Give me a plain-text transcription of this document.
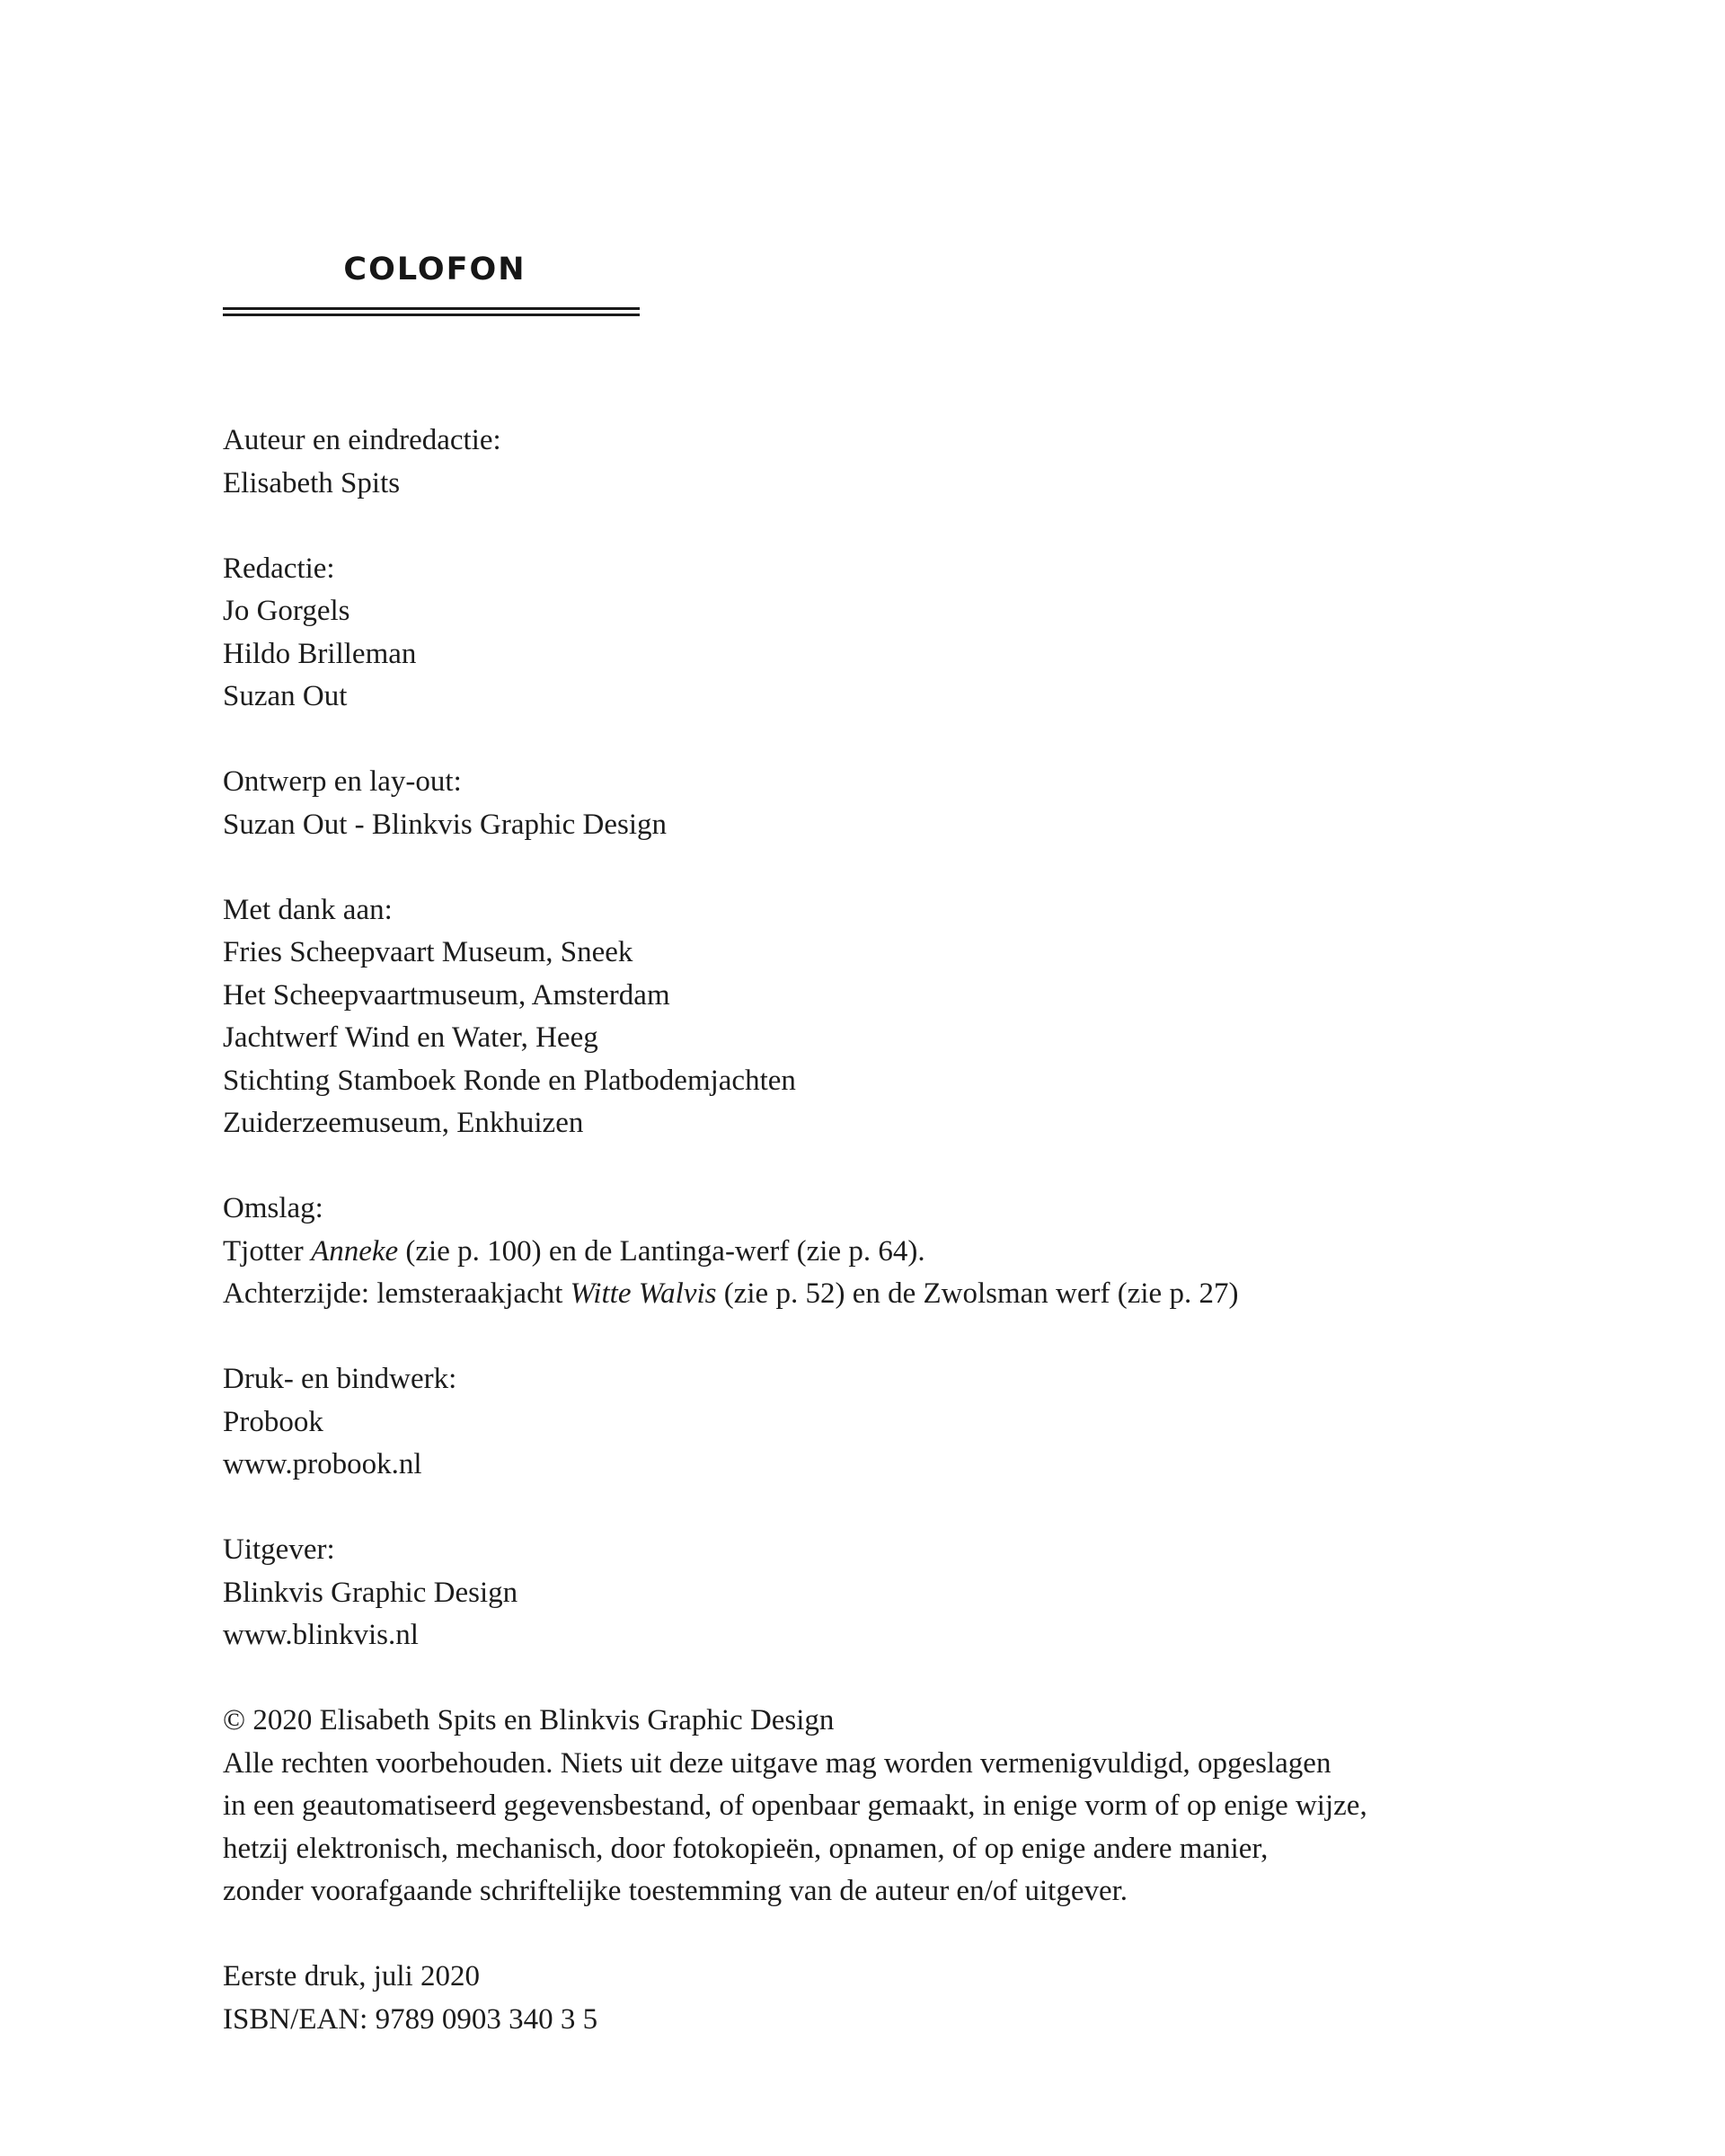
COLOFON
Auteur en eindredactie:
Elisabeth Spits
Redactie:
Jo Gorgels
Hildo Brilleman
Suzan Out
Ontwerp en lay-out:
Suzan Out - Blinkvis Graphic Design
Met dank aan:
Fries Scheepvaart Museum, Sneek
Het Scheepvaartmuseum, Amsterdam
Jachtwerf Wind en Water, Heeg
Stichting Stamboek Ronde en Platbodemjachten
Zuiderzeemuseum, Enkhuizen
Omslag:
Tjotter Anneke (zie p. 100) en de Lantinga-werf (zie p. 64).
Achterzijde: lemsteraakjacht Witte Walvis (zie p. 52) en de Zwolsman werf (zie p. 27)
Druk- en bindwerk:
Probook
www.probook.nl
Uitgever:
Blinkvis Graphic Design
www.blinkvis.nl
© 2020 Elisabeth Spits en Blinkvis Graphic Design
Alle rechten voorbehouden. Niets uit deze uitgave mag worden vermenigvuldigd, opgeslagen
in een geautomatiseerd gegevensbestand, of openbaar gemaakt, in enige vorm of op enige wijze,
hetzij elektronisch, mechanisch, door fotokopieën, opnamen, of op enige andere manier,
zonder voorafgaande schriftelijke toestemming van de auteur en/of uitgever.
Eerste druk, juli 2020
ISBN/EAN: 9789 0903 340 3 5
